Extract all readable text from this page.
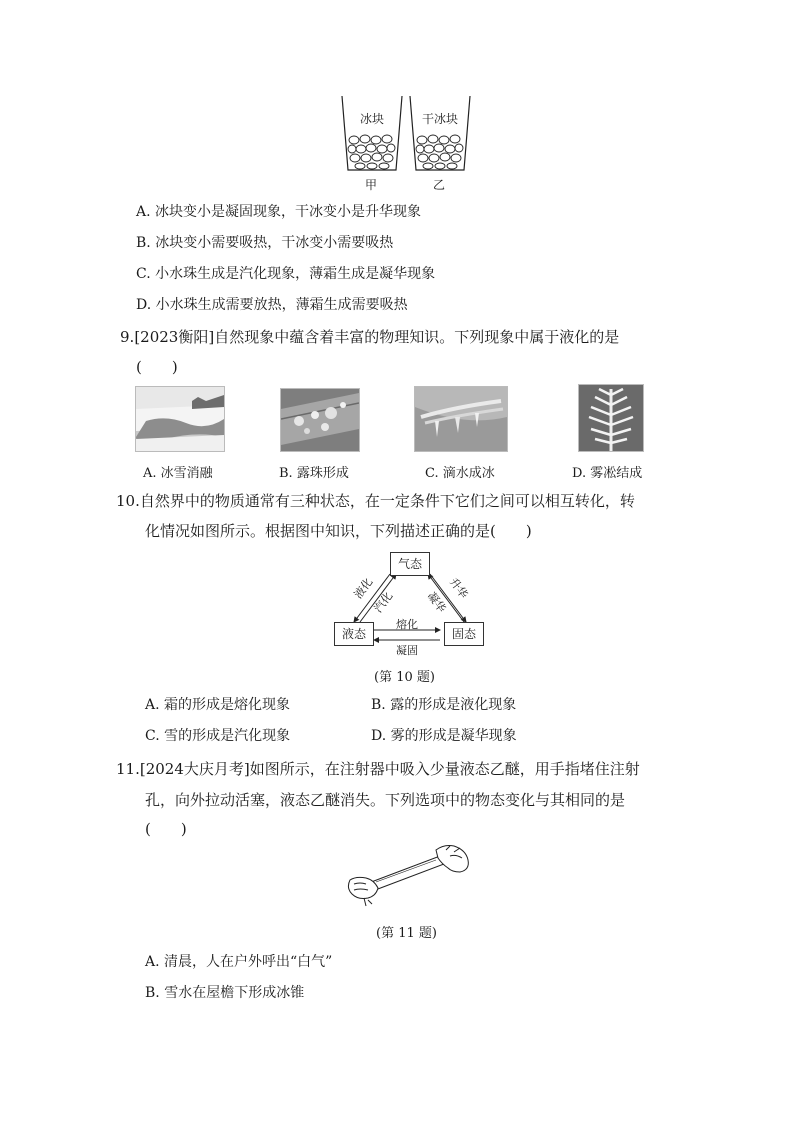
冰块	干冰块
甲	乙
A. 冰块变小是凝固现象，干冰变小是升华现象
B. 冰块变小需要吸热，干冰变小需要吸热
C. 小水珠生成是汽化现象，薄霜生成是凝华现象
D. 小水珠生成需要放热，薄霜生成需要吸热
9.[2023衡阳]自然现象中蕴含着丰富的物理知识。下列现象中属于液化的是
(　　)
A. 冰雪消融	B. 露珠形成	C. 滴水成冰	D. 雾凇结成
10.自然界中的物质通常有三种状态，在一定条件下它们之间可以相互转化，转
化情况如图所示。根据图中知识，下列描述正确的是(　　)
气态
液态	固态
液化
汽化
升华
凝华
熔化
凝固
(第 10 题)
A. 霜的形成是熔化现象	B. 露的形成是液化现象
C. 雪的形成是汽化现象	D. 雾的形成是凝华现象
11.[2024大庆月考]如图所示，在注射器中吸入少量液态乙醚，用手指堵住注射
孔，向外拉动活塞，液态乙醚消失。下列选项中的物态变化与其相同的是
(　　)
(第 11 题)
A. 清晨，人在户外呼出“白气”
B. 雪水在屋檐下形成冰锥
